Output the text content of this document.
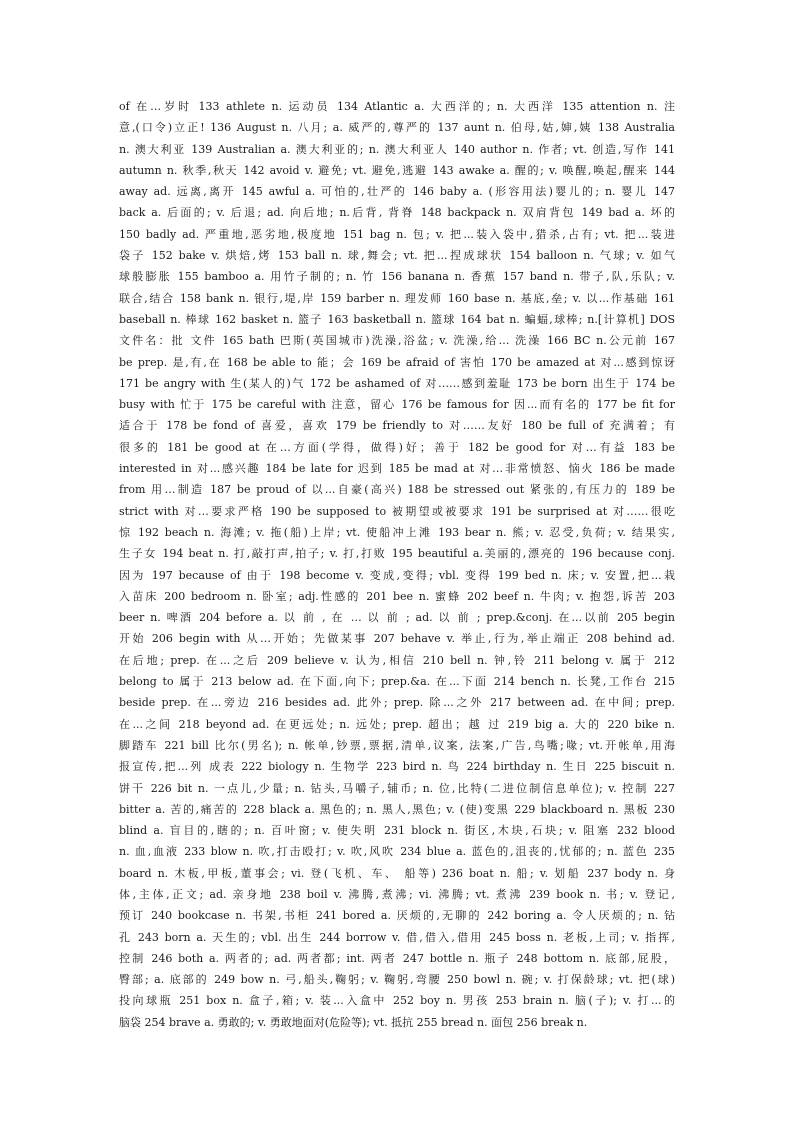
of 在…岁时 133 athlete n. 运动员 134 Atlantic a. 大西洋的; n. 大西洋 135 attention n. 注
意,(口令)立正! 136 August n. 八月; a. 威严的,尊严的 137 aunt n. 伯母,姑,婶,姨 138 Australia
n. 澳大利亚 139 Australian a. 澳大利亚的; n. 澳大利亚人 140 author n. 作者; vt. 创造,写作 141
autumn n. 秋季,秋天 142 avoid v. 避免; vt. 避免,逃避 143 awake a. 醒的; v. 唤醒,唤起,醒来 144
away ad. 远离,离开 145 awful a. 可怕的,壮严的 146 baby a. (形容用法)婴儿的; n. 婴儿 147
back a. 后面的; v. 后退; ad. 向后地; n.后背, 背脊 148 backpack n. 双肩背包 149 bad a. 坏的
150 badly ad. 严重地,恶劣地,极度地 151 bag n. 包; v. 把...装入袋中,猎杀,占有; vt. 把...装进
袋子 152 bake v. 烘焙,烤 153 ball n. 球,舞会; vt. 把...捏成球状 154 balloon n. 气球; v. 如气
球般膨胀 155 bamboo a. 用竹子制的; n. 竹 156 banana n. 香蕉 157 band n. 带子,队,乐队; v.
联合,结合 158 bank n. 银行,堤,岸 159 barber n. 理发师 160 base n. 基底,垒; v. 以...作基础 161
baseball n. 棒球 162 basket n. 篮子 163 basketball n. 篮球 164 bat n. 蝙蝠,球棒; n.[计算机] DOS
文件名：批 文件 165 bath 巴斯(英国城市)洗澡,浴盆; v. 洗澡,给… 洗澡 166 BC n.公元前 167
be prep. 是,有,在 168 be able to 能；会 169 be afraid of 害怕 170 be amazed at 对...感到惊讶
171 be angry with 生(某人的)气 172 be ashamed of 对……感到羞耻 173 be born 出生于 174 be
busy with 忙于 175 be careful with 注意，留心 176 be famous for 因...而有名的 177 be fit for
适合于 178 be fond of 喜爱，喜欢 179 be friendly to 对……友好 180 be full of 充满着；有
很多的 181 be good at 在…方面(学得，做得)好；善于 182 be good for 对…有益 183 be
interested in 对...感兴趣 184 be late for 迟到 185 be mad at 对…非常愤怒、恼火 186 be made
from 用…制造 187 be proud of 以...自豪(高兴) 188 be stressed out 紧张的,有压力的 189 be
strict with 对…要求严格 190 be supposed to 被期望或被要求 191 be surprised at 对……很吃
惊 192 beach n. 海滩; v. 拖(船)上岸; vt. 使船冲上滩 193 bear n. 熊; v. 忍受,负荷; v. 结果实,
生子女 194 beat n. 打,敲打声,拍子; v. 打,打败 195 beautiful a.美丽的,漂亮的 196 because conj.
因为 197 because of 由于 198 become v. 变成,变得; vbl. 变得 199 bed n. 床; v. 安置,把...栽
入苗床 200 bedroom n. 卧室; adj.性感的 201 bee n. 蜜蜂 202 beef n. 牛肉; v. 抱怨,诉苦 203
beer n. 啤酒 204 before a. 以 前 , 在 … 以 前 ; ad. 以 前 ; prep.&conj. 在...以前 205 begin
开始 206 begin with 从…开始；先做某事 207 behave v. 举止,行为,举止端正 208 behind ad.
在后地; prep. 在...之后 209 believe v. 认为,相信 210 bell n. 钟,铃 211 belong v. 属于 212
belong to 属于 213 below ad. 在下面,向下; prep.&a. 在...下面 214 bench n. 长凳,工作台 215
beside prep. 在...旁边 216 besides ad. 此外; prep. 除...之外 217 between ad. 在中间; prep.
在...之间 218 beyond ad. 在更远处; n. 远处; prep. 超出；越 过 219 big a. 大的 220 bike n.
脚踏车 221 bill 比尔(男名); n. 帐单,钞票,票据,清单,议案, 法案,广告,鸟嘴;喙; vt.开帐单,用海
报宣传,把...列 成表 222 biology n. 生物学 223 bird n. 鸟 224 birthday n. 生日 225 biscuit n.
饼干 226 bit n. 一点儿,少量; n. 钻头,马嚼子,辅币; n. 位,比特(二进位制信息单位); v. 控制 227
bitter a. 苦的,痛苦的 228 black a. 黑色的; n. 黑人,黑色; v. (使)变黑 229 blackboard n. 黑板 230
blind a. 盲目的,瞎的; n. 百叶窗; v. 使失明 231 block n. 街区,木块,石块; v. 阻塞 232 blood
n. 血,血液 233 blow n. 吹,打击殴打; v. 吹,风吹 234 blue a. 蓝色的,沮丧的,忧郁的; n. 蓝色 235
board n. 木板,甲板,董事会; vi. 登(飞机、车、 船等) 236 boat n. 船; v. 划船 237 body n. 身
体,主体,正文; ad. 亲身地 238 boil v. 沸腾,煮沸; vi. 沸腾; vt. 煮沸 239 book n. 书; v. 登记,
预订 240 bookcase n. 书架,书柜 241 bored a. 厌烦的,无聊的 242 boring a. 令人厌烦的; n. 钻
孔 243 born a. 天生的; vbl. 出生 244 borrow v. 借,借入,借用 245 boss n. 老板,上司; v. 指挥,
控制 246 both a. 两者的; ad. 两者都; int. 两者 247 bottle n. 瓶子 248 bottom n. 底部,屁股，
臀部; a. 底部的 249 bow n. 弓,船头,鞠躬; v. 鞠躬,弯腰 250 bowl n. 碗; v. 打保龄球; vt. 把(球)
投向球瓶 251 box n. 盒子,箱; v. 装...入盒中 252 boy n. 男孩 253 brain n. 脑(子); v. 打...的
脑袋 254 brave a. 勇敢的; v. 勇敢地面对(危险等); vt. 抵抗 255 bread n. 面包 256 break n.
